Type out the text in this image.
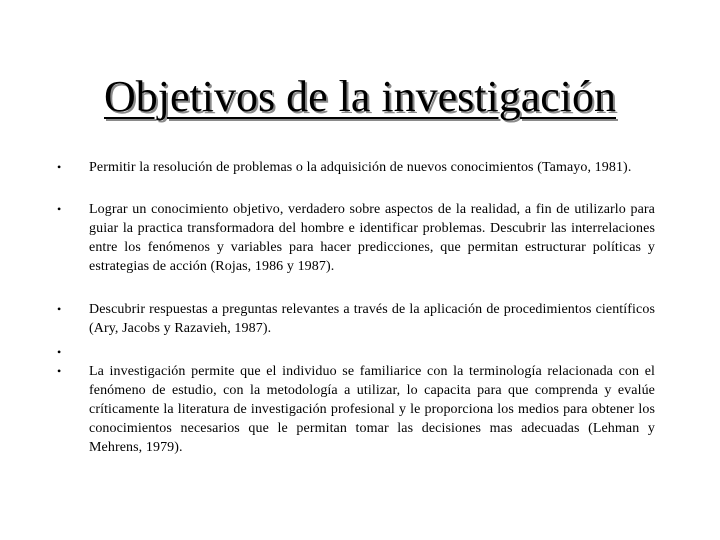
Objetivos de la investigación
• Permitir la resolución de problemas o la adquisición de nuevos conocimientos (Tamayo, 1981).
• Lograr un conocimiento objetivo, verdadero sobre aspectos de la realidad, a fin de utilizarlo para guiar la practica transformadora del hombre e identificar problemas. Descubrir las interrelaciones entre los fenómenos y variables para hacer predicciones, que permitan estructurar políticas y estrategias de acción (Rojas, 1986 y 1987).
• Descubrir respuestas a preguntas relevantes a través de la aplicación de procedimientos científicos (Ary, Jacobs y Razavieh, 1987).
•
• La investigación permite que el individuo se familiarice con la terminología relacionada con el fenómeno de estudio, con la metodología a utilizar, lo capacita para que comprenda y evalúe críticamente la literatura de investigación profesional y le proporciona los medios para obtener los conocimientos necesarios que le permitan tomar las decisiones mas adecuadas (Lehman y Mehrens, 1979).
